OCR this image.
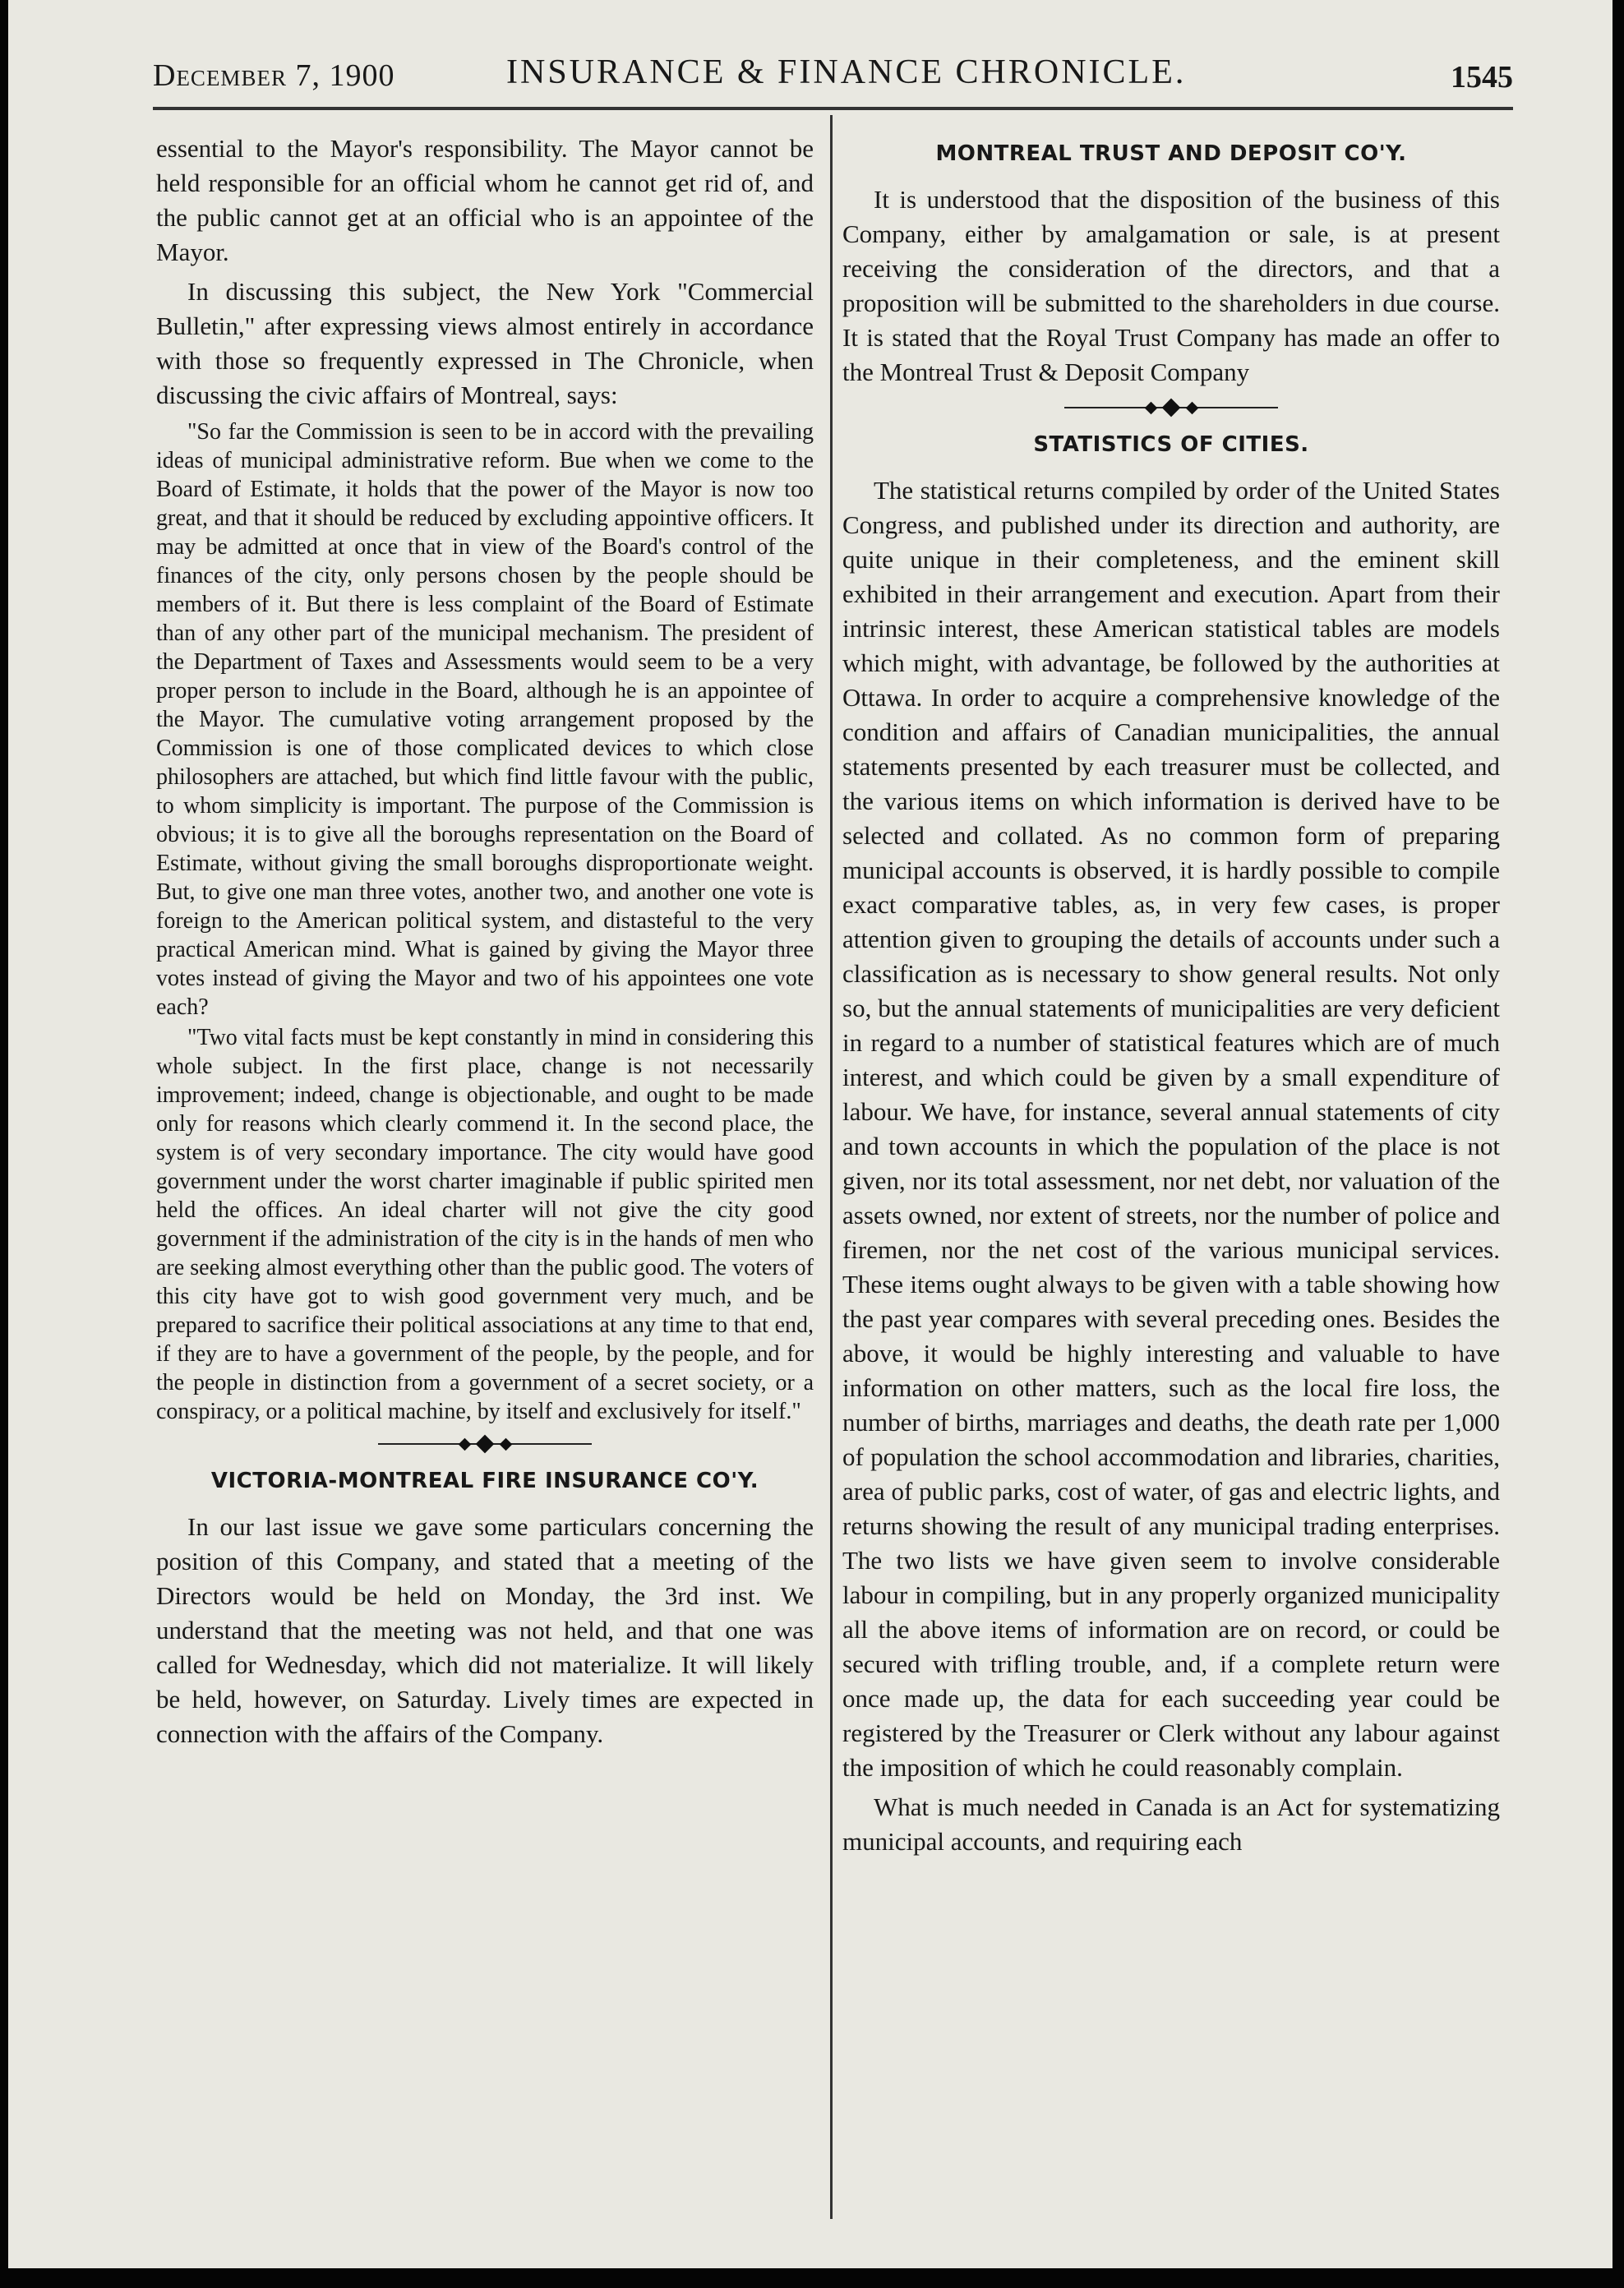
December 7, 1900	INSURANCE & FINANCE CHRONICLE.	1545

essential to the Mayor's responsibility. The Mayor cannot be held responsible for an official whom he cannot get rid of, and the public cannot get at an official who is an appointee of the Mayor.

In discussing this subject, the New York "Commercial Bulletin," after expressing views almost entirely in accordance with those so frequently expressed in The Chronicle, when discussing the civic affairs of Montreal, says:

"So far the Commission is seen to be in accord with the prevailing ideas of municipal administrative reform. Bue when we come to the Board of Estimate, it holds that the power of the Mayor is now too great, and that it should be reduced by excluding appointive officers. It may be admitted at once that in view of the Board's control of the finances of the city, only persons chosen by the people should be members of it. But there is less complaint of the Board of Estimate than of any other part of the municipal mechanism. The president of the Department of Taxes and Assessments would seem to be a very proper person to include in the Board, although he is an appointee of the Mayor. The cumulative voting arrangement proposed by the Commission is one of those complicated devices to which close philosophers are attached, but which find little favour with the public, to whom simplicity is important. The purpose of the Commission is obvious; it is to give all the boroughs representation on the Board of Estimate, without giving the small boroughs disproportionate weight. But, to give one man three votes, another two, and another one vote is foreign to the American political system, and distasteful to the very practical American mind. What is gained by giving the Mayor three votes instead of giving the Mayor and two of his appointees one vote each?

"Two vital facts must be kept constantly in mind in considering this whole subject. In the first place, change is not necessarily improvement; indeed, change is objectionable, and ought to be made only for reasons which clearly commend it. In the second place, the system is of very secondary importance. The city would have good government under the worst charter imaginable if public spirited men held the offices. An ideal charter will not give the city good government if the administration of the city is in the hands of men who are seeking almost everything other than the public good. The voters of this city have got to wish good government very much, and be prepared to sacrifice their political associations at any time to that end, if they are to have a government of the people, by the people, and for the people in distinction from a government of a secret society, or a conspiracy, or a political machine, by itself and exclusively for itself."

VICTORIA-MONTREAL FIRE INSURANCE CO'Y.

In our last issue we gave some particulars concerning the position of this Company, and stated that a meeting of the Directors would be held on Monday, the 3rd inst. We understand that the meeting was not held, and that one was called for Wednesday, which did not materialize. It will likely be held, however, on Saturday. Lively times are expected in connection with the affairs of the Company.

MONTREAL TRUST AND DEPOSIT CO'Y.

It is understood that the disposition of the business of this Company, either by amalgamation or sale, is at present receiving the consideration of the directors, and that a proposition will be submitted to the shareholders in due course. It is stated that the Royal Trust Company has made an offer to the Montreal Trust & Deposit Company

STATISTICS OF CITIES.

The statistical returns compiled by order of the United States Congress, and published under its direction and authority, are quite unique in their completeness, and the eminent skill exhibited in their arrangement and execution. Apart from their intrinsic interest, these American statistical tables are models which might, with advantage, be followed by the authorities at Ottawa. In order to acquire a comprehensive knowledge of the condition and affairs of Canadian municipalities, the annual statements presented by each treasurer must be collected, and the various items on which information is derived have to be selected and collated. As no common form of preparing municipal accounts is observed, it is hardly possible to compile exact comparative tables, as, in very few cases, is proper attention given to grouping the details of accounts under such a classification as is necessary to show general results. Not only so, but the annual statements of municipalities are very deficient in regard to a number of statistical features which are of much interest, and which could be given by a small expenditure of labour. We have, for instance, several annual statements of city and town accounts in which the population of the place is not given, nor its total assessment, nor net debt, nor valuation of the assets owned, nor extent of streets, nor the number of police and firemen, nor the net cost of the various municipal services. These items ought always to be given with a table showing how the past year compares with several preceding ones. Besides the above, it would be highly interesting and valuable to have information on other matters, such as the local fire loss, the number of births, marriages and deaths, the death rate per 1,000 of population the school accommodation and libraries, charities, area of public parks, cost of water, of gas and electric lights, and returns showing the result of any municipal trading enterprises. The two lists we have given seem to involve considerable labour in compiling, but in any properly organized municipality all the above items of information are on record, or could be secured with trifling trouble, and, if a complete return were once made up, the data for each succeeding year could be registered by the Treasurer or Clerk without any labour against the imposition of which he could reasonably complain.

What is much needed in Canada is an Act for systematizing municipal accounts, and requiring each
